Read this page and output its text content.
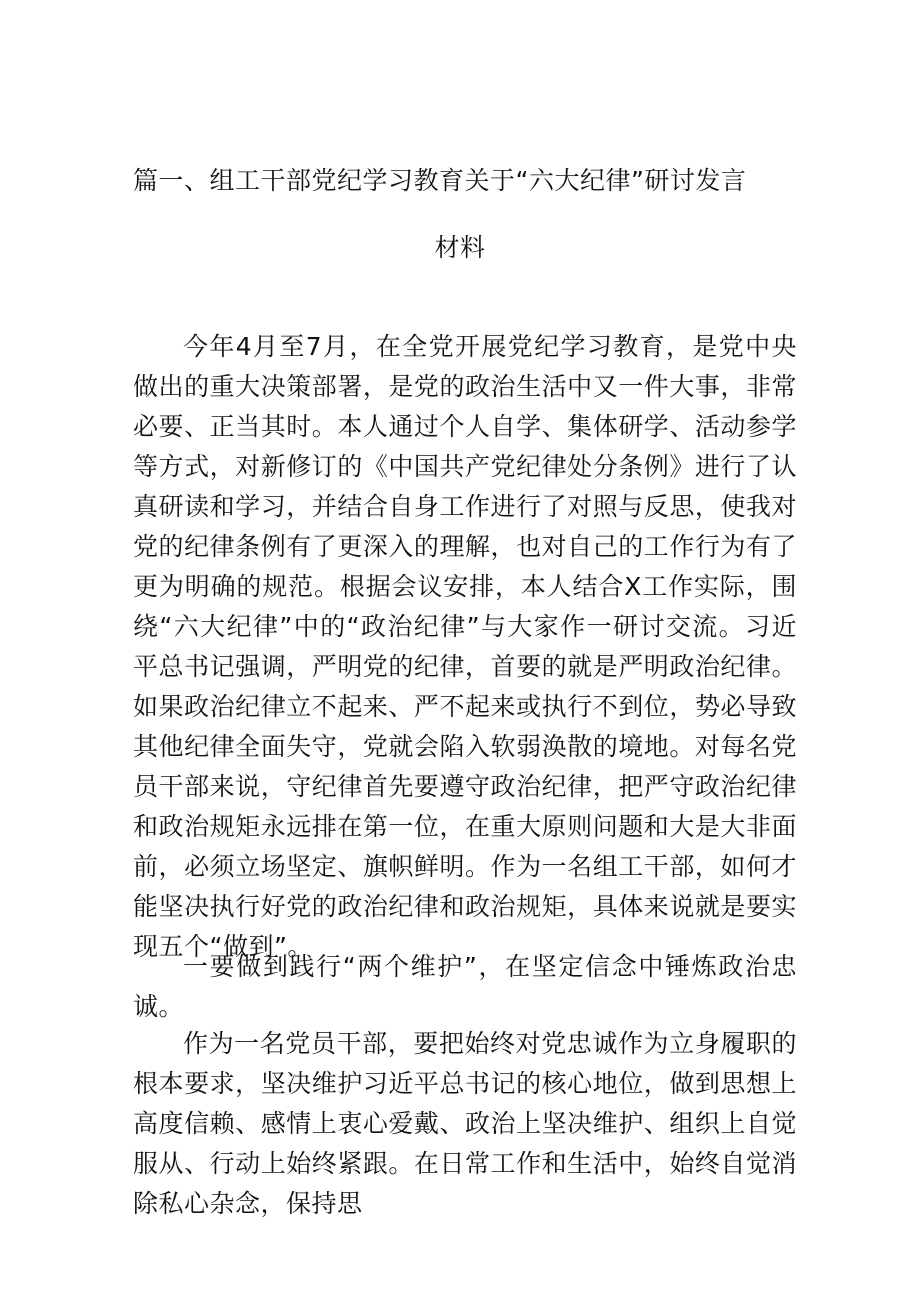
篇一、组工干部党纪学习教育关于“六大纪律”研讨发言
材料

今年4月至7月，在全党开展党纪学习教育，是党中央做出的重大决策部署，是党的政治生活中又一件大事，非常必要、正当其时。本人通过个人自学、集体研学、活动参学等方式，对新修订的《中国共产党纪律处分条例》进行了认真研读和学习，并结合自身工作进行了对照与反思，使我对党的纪律条例有了更深入的理解，也对自己的工作行为有了更为明确的规范。根据会议安排，本人结合X工作实际，围绕“六大纪律”中的“政治纪律”与大家作一研讨交流。习近平总书记强调，严明党的纪律，首要的就是严明政治纪律。如果政治纪律立不起来、严不起来或执行不到位，势必导致其他纪律全面失守，党就会陷入软弱涣散的境地。对每名党员干部来说，守纪律首先要遵守政治纪律，把严守政治纪律和政治规矩永远排在第一位，在重大原则问题和大是大非面前，必须立场坚定、旗帜鲜明。作为一名组工干部，如何才能坚决执行好党的政治纪律和政治规矩，具体来说就是要实现五个“做到”。

一要做到践行“两个维护”，在坚定信念中锤炼政治忠诚。

作为一名党员干部，要把始终对党忠诚作为立身履职的根本要求，坚决维护习近平总书记的核心地位，做到思想上高度信赖、感情上衷心爱戴、政治上坚决维护、组织上自觉服从、行动上始终紧跟。在日常工作和生活中，始终自觉消除私心杂念，保持思
